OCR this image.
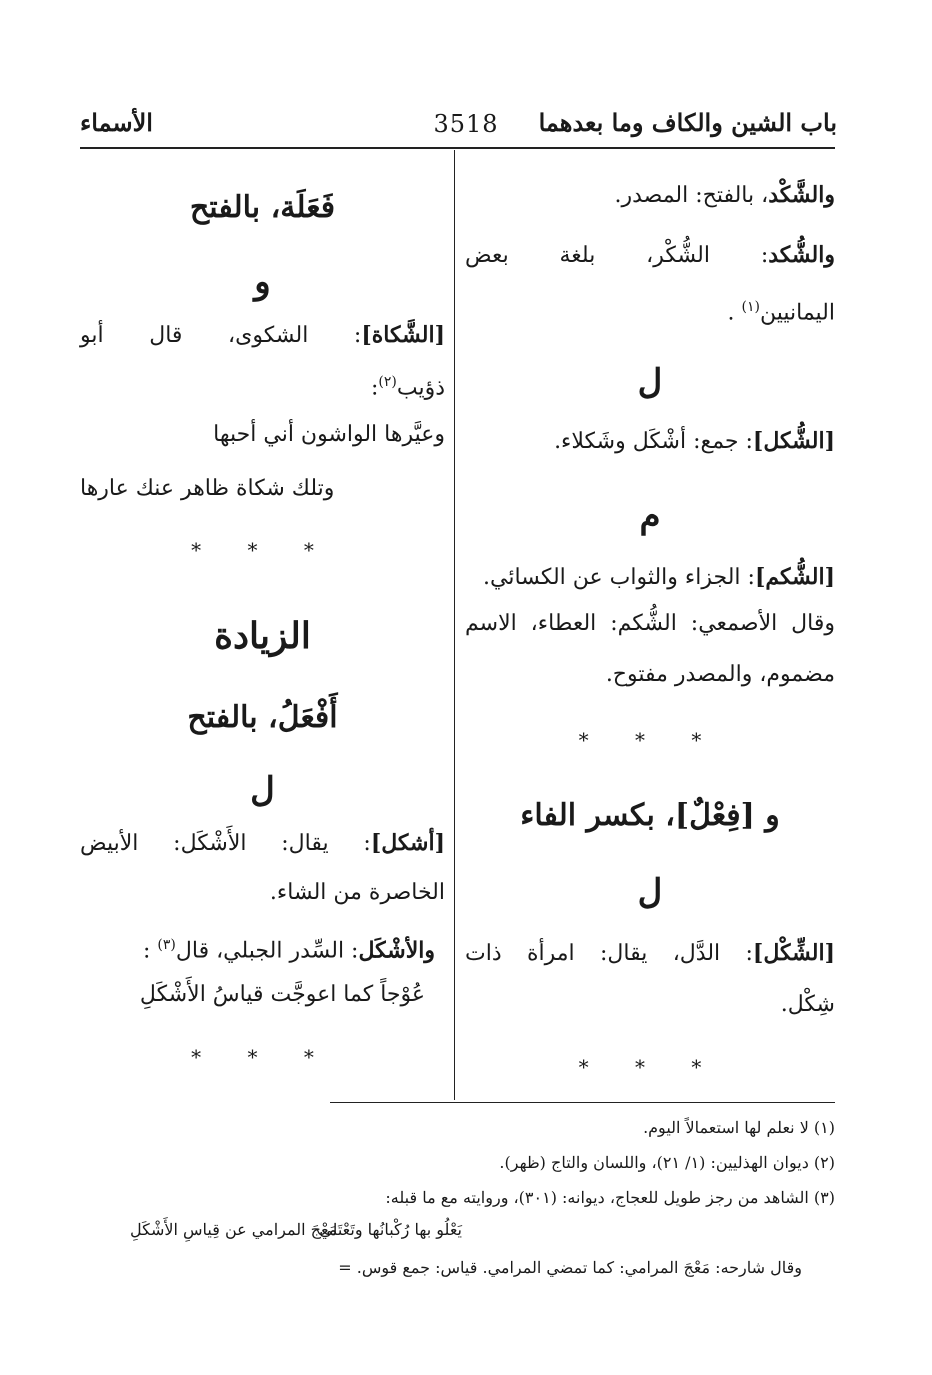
باب الشين والكاف وما بعدهما
3518
الأسماء
والشَّكْد، بالفتح: المصدر.
والشُّكد: الشُّكْر، بلغة بعض
اليمانيين$^{(١)}$ .
ل
[الشُّكل]: جمع: أشْكَل وشَكلاء.
م
[الشُّكم]: الجزاء والثواب عن الكسائي.
وقال الأصمعي: الشُّكم: العطاء، الاسم
مضموم، والمصدر مفتوح.
* * *
و [فِعْلٌ]، بكسر الفاء
ل
[الشِّكْل]: الدَّل، يقال: امرأة ذات
شِكْل.
* * *
فَعَلَة، بالفتح
و
[الشَّكاة]: الشكوى، قال أبو
ذؤيب$^{(٢)}$:
وعيَّرها الواشون أني أحبها
وتلك شكاة ظاهر عنك عارها
* * *
الزيادة
أَفْعَلُ، بالفتح
ل
[أشكل]: يقال: الأَشْكَل: الأبيض
الخاصرة من الشاء.
والأشْكَل: السِّدر الجبلي، قال$^{(٣)}$ :
عُوْجاً كما اعوجَّت قياسُ الأَشْكَلِ
* * *
(١) لا نعلم لها استعمالاً اليوم.
(٢) ديوان الهذليين: (١/ ٢١)، واللسان والتاج (ظهر).
(٣) الشاهد من رجز طويل للعجاج، ديوانه: (٣٠١)، وروايته مع ما قبله:
يَعْلُو بها رُكْبانُها وتَعْتَلي
مَعْجَ المرامي عن قِياسِ الأَشْكَلِ
وقال شارحه: مَعْجَ المرامي: كما تمضي المرامي. قياس: جمع قوس. =
